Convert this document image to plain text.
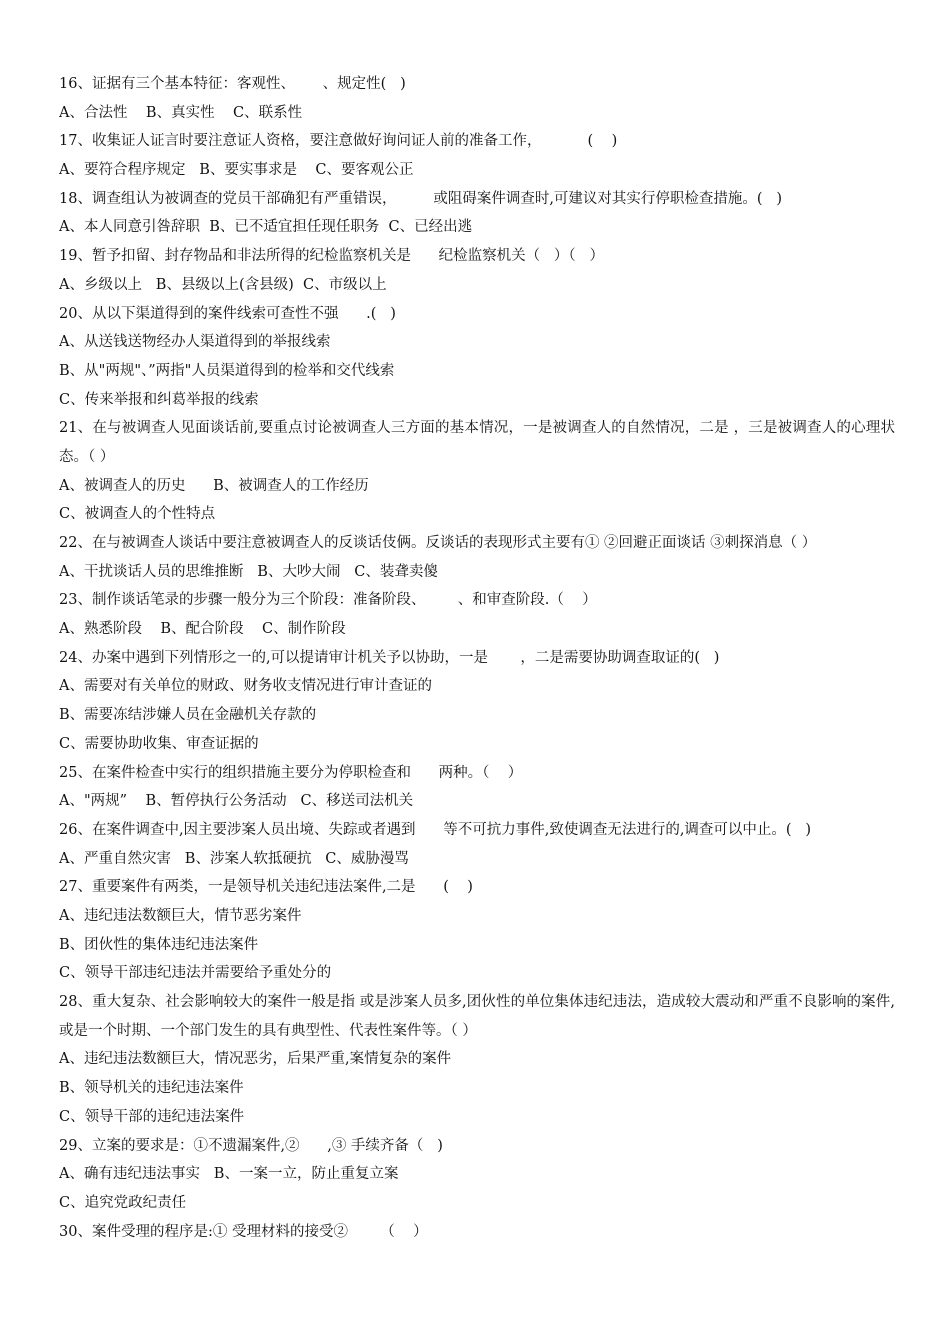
16、证据有三个基本特征：客观性、      、规定性(   )
A、合法性    B、真实性    C、联系性
17、收集证人证言时要注意证人资格，要注意做好询问证人前的准备工作，          (    )
A、要符合程序规定   B、要实事求是    C、要客观公正
18、调查组认为被调查的党员干部确犯有严重错误，        或阻碍案件调查时,可建议对其实行停职检查措施。(   )
A、本人同意引咎辞职  B、已不适宜担任现任职务  C、已经出逃
19、暂予扣留、封存物品和非法所得的纪检监察机关是      纪检监察机关（   ）（   ）
A、乡级以上   B、县级以上(含县级)  C、市级以上
20、从以下渠道得到的案件线索可查性不强      .(   )
A、从送钱送物经办人渠道得到的举报线索
B、从"两规"、”两指"人员渠道得到的检举和交代线索
C、传来举报和纠葛举报的线索
21、在与被调查人见面谈话前,要重点讨论被调查人三方面的基本情况，一是被调查人的自然情况，二是 ，三是被调查人的心理状态。（ ）
A、被调查人的历史      B、被调查人的工作经历
C、被调查人的个性特点
22、在与被调查人谈话中要注意被调查人的反谈话伎俩。反谈话的表现形式主要有① ②回避正面谈话 ③刺探消息（ ）
A、干扰谈话人员的思维推断   B、大吵大闹   C、装聋卖傻
23、制作谈话笔录的步骤一般分为三个阶段：准备阶段、       、和审查阶段.（    ）
A、熟悉阶段    B、配合阶段    C、制作阶段
24、办案中遇到下列情形之一的,可以提请审计机关予以协助，一是       ，二是需要协助调查取证的(   )
A、需要对有关单位的财政、财务收支情况进行审计查证的
B、需要冻结涉嫌人员在金融机关存款的
C、需要协助收集、审查证据的
25、在案件检查中实行的组织措施主要分为停职检查和      两种。（    ）
A、"两规”    B、暂停执行公务活动   C、移送司法机关
26、在案件调查中,因主要涉案人员出境、失踪或者遇到      等不可抗力事件,致使调查无法进行的,调查可以中止。(   )
A、严重自然灾害   B、涉案人软抵硬抗   C、威胁漫骂
27、重要案件有两类，一是领导机关违纪违法案件,二是      (    )
A、违纪违法数额巨大，情节恶劣案件
B、团伙性的集体违纪违法案件
C、领导干部违纪违法并需要给予重处分的
28、重大复杂、社会影响较大的案件一般是指 或是涉案人员多,团伙性的单位集体违纪违法，造成较大震动和严重不良影响的案件,或是一个时期、一个部门发生的具有典型性、代表性案件等。（ ）
A、违纪违法数额巨大，情况恶劣，后果严重,案情复杂的案件
B、领导机关的违纪违法案件
C、领导干部的违纪违法案件
29、立案的要求是：①不遗漏案件,②      ,③ 手续齐备（   )
A、确有违纪违法事实   B、一案一立，防止重复立案
C、追究党政纪责任
30、案件受理的程序是:① 受理材料的接受②       （    ）
